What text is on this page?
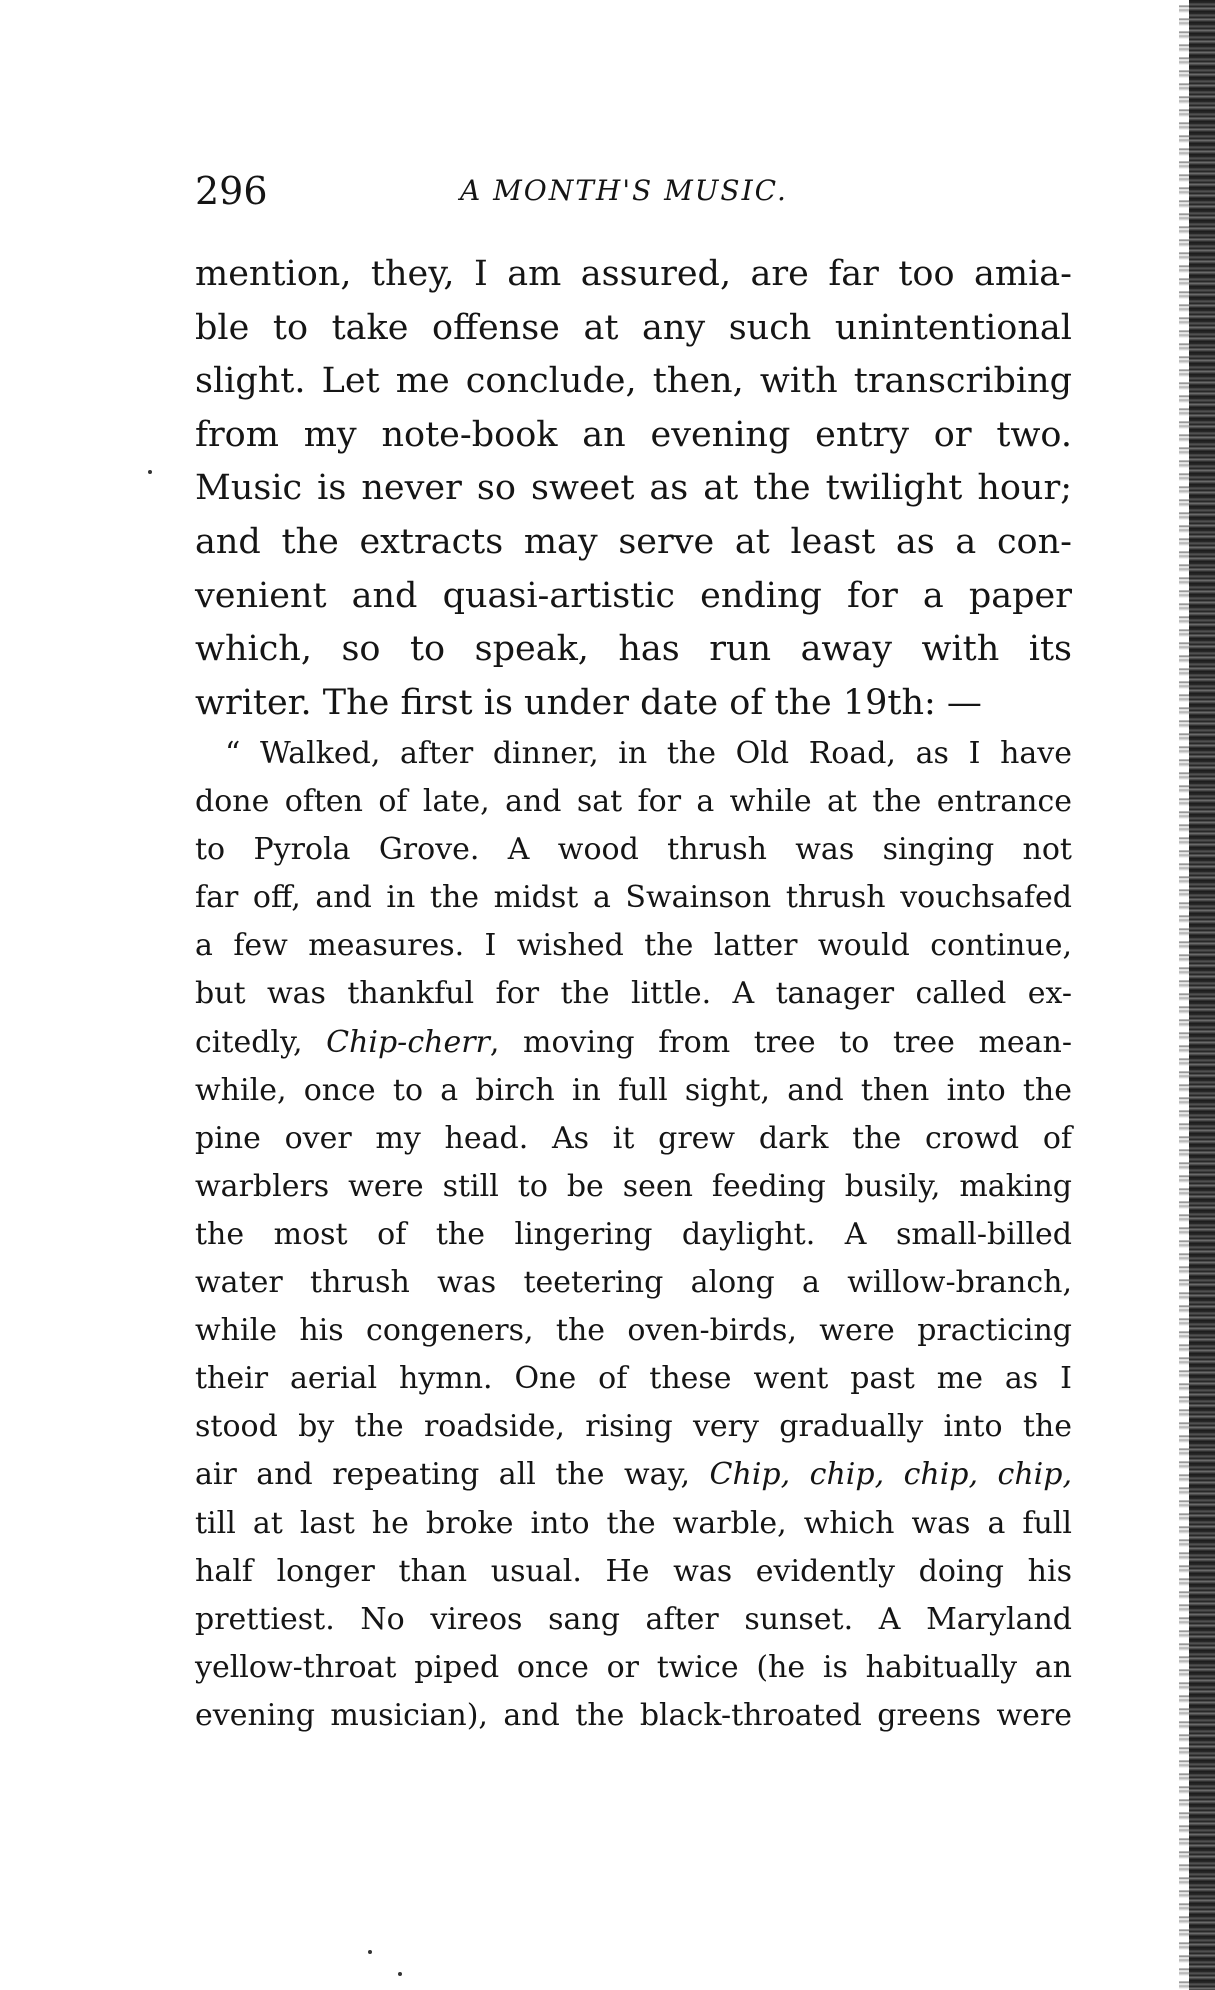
296	A MONTH'S MUSIC.
mention, they, I am assured, are far too amia-
ble to take offense at any such unintentional
slight. Let me conclude, then, with transcribing
from my note-book an evening entry or two.
Music is never so sweet as at the twilight hour;
and the extracts may serve at least as a con-
venient and quasi-artistic ending for a paper
which, so to speak, has run away with its
writer. The first is under date of the 19th: —
“ Walked, after dinner, in the Old Road, as I have
done often of late, and sat for a while at the entrance
to Pyrola Grove. A wood thrush was singing not
far off, and in the midst a Swainson thrush vouchsafed
a few measures. I wished the latter would continue,
but was thankful for the little. A tanager called ex-
citedly, Chip-cherr, moving from tree to tree mean-
while, once to a birch in full sight, and then into the
pine over my head. As it grew dark the crowd of
warblers were still to be seen feeding busily, making
the most of the lingering daylight. A small-billed
water thrush was teetering along a willow-branch,
while his congeners, the oven-birds, were practicing
their aerial hymn. One of these went past me as I
stood by the roadside, rising very gradually into the
air and repeating all the way, Chip, chip, chip, chip,
till at last he broke into the warble, which was a full
half longer than usual. He was evidently doing his
prettiest. No vireos sang after sunset. A Maryland
yellow-throat piped once or twice (he is habitually an
evening musician), and the black-throated greens were
